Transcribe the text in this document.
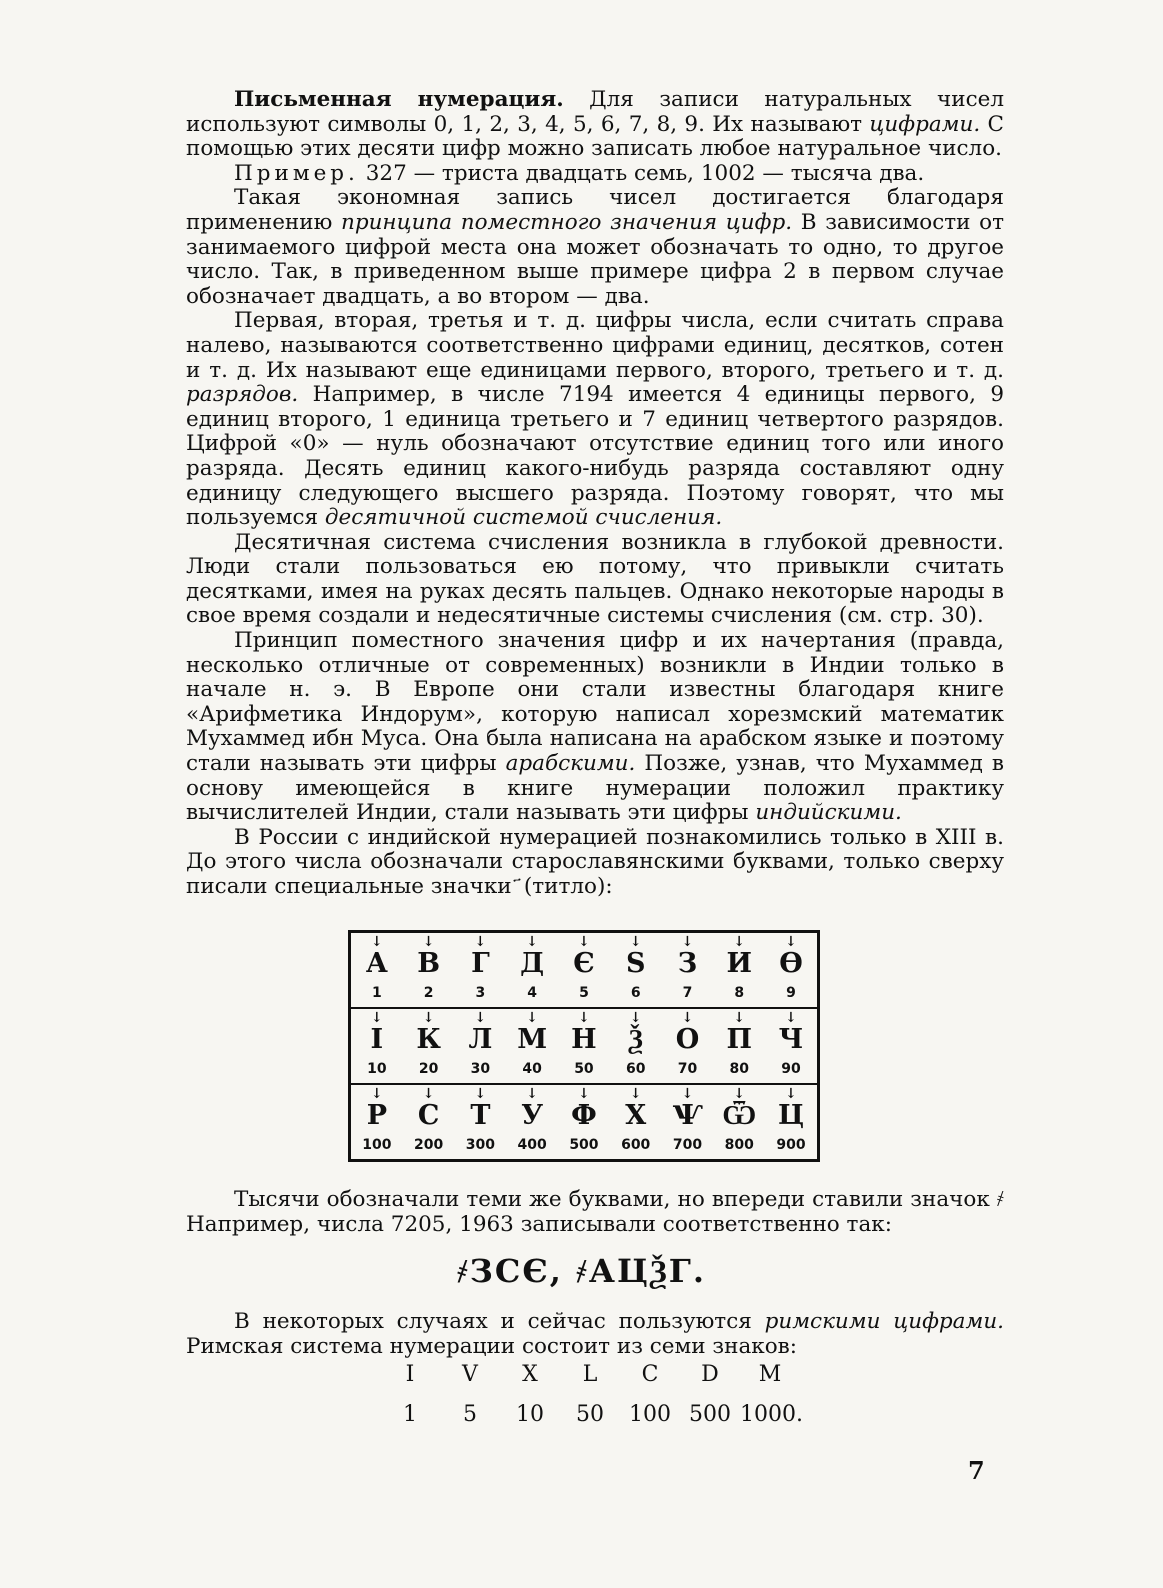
Письменная нумерация. Для записи натуральных чисел используют символы 0, 1, 2, 3, 4, 5, 6, 7, 8, 9. Их называют цифрами. С помощью этих десяти цифр можно записать любое натуральное число.

Пример. 327 — триста двадцать семь, 1002 — тысяча два.

Такая экономная запись чисел достигается благодаря применению принципа поместного значения цифр. В зависимости от занимаемого цифрой места она может обозначать то одно, то другое число. Так, в приведенном выше примере цифра 2 в первом случае обозначает двадцать, а во втором — два.

Первая, вторая, третья и т. д. цифры числа, если считать справа налево, называются соответственно цифрами единиц, десятков, сотен и т. д. Их называют еще единицами первого, второго, третьего и т. д. разрядов. Например, в числе 7194 имеется 4 единицы первого, 9 единиц второго, 1 единица третьего и 7 единиц четвертого разрядов. Цифрой «0» — нуль обозначают отсутствие единиц того или иного разряда. Десять единиц какого-нибудь разряда составляют одну единицу следующего высшего разряда. Поэтому говорят, что мы пользуемся десятичной системой счисления.

Десятичная система счисления возникла в глубокой древности. Люди стали пользоваться ею потому, что привыкли считать десятками, имея на руках десять пальцев. Однако некоторые народы в свое время создали и недесятичные системы счисления (см. стр. 30).

Принцип поместного значения цифр и их начертания (правда, несколько отличные от современных) возникли в Индии только в начале н. э. В Европе они стали известны благодаря книге «Арифметика Индорум», которую написал хорезмский математик Мухаммед ибн Муса. Она была написана на арабском языке и поэтому стали называть эти цифры арабскими. Позже, узнав, что Мухаммед в основу имеющейся в книге нумерации положил практику вычислителей Индии, стали называть эти цифры индийскими.

В России с индийской нумерацией познакомились только в XIII в. До этого числа обозначали старославянскими буквами, только сверху писали специальные значки ҃ (титло):

↓ А	↓ В	↓ Г	↓ Д	↓ Є	↓ Ѕ	↓ З	↓ И	↓ Ѳ
1	2	3	4	5	6	7	8	9
↓ І	↓ К	↓ Л ↓ М ↓ Н	↓ Ѯ	↓ О	↓ П ↓ Ч
10	20	30	40	50	60	70	80	90
↓ Р	↓ С	↓ Т	↓ У	↓ Ф	↓ Х ↓ Ѱ ↓ Ѿ ↓ Ц
100	200	300	400	500	600	700	800	900

Тысячи обозначали теми же буквами, но впереди ставили значок ҂ Например, числа 7205, 1963 записывали соответственно так:

҂ЗСЄ, ҂АЦѮГ.

В некоторых случаях и сейчас пользуются римскими цифрами. Римская система нумерации состоит из семи знаков:

I	V	X	L	C	D	M
1	5	10	50	100 500 1000.
7
